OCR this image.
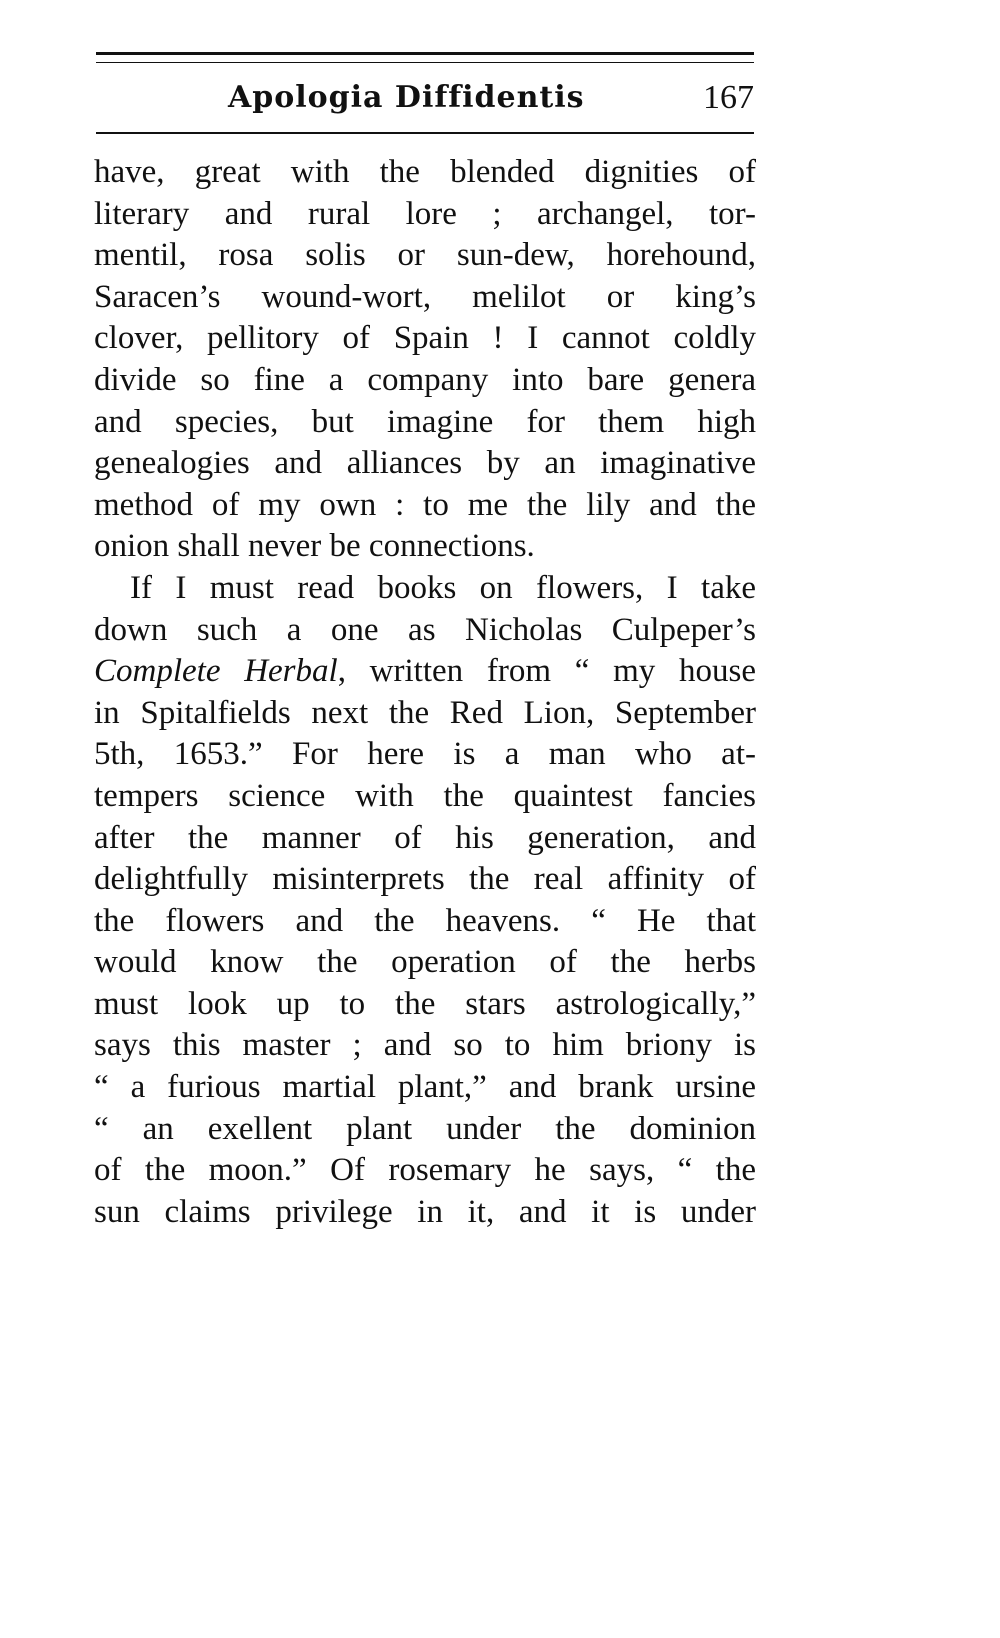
Apologia Diffidentis	167
have, great with the blended dignities of
literary and rural lore ; archangel, tor-
mentil, rosa solis or sun-dew, horehound,
Saracen’s wound-wort, melilot or king’s
clover, pellitory of Spain ! I cannot coldly
divide so fine a company into bare genera
and species, but imagine for them high
genealogies and alliances by an imaginative
method of my own : to me the lily and the
onion shall never be connections.
If I must read books on flowers, I take
down such a one as Nicholas Culpeper’s
Complete Herbal, written from “ my house
in Spitalfields next the Red Lion, September
5th, 1653.” For here is a man who at-
tempers science with the quaintest fancies
after the manner of his generation, and
delightfully misinterprets the real affinity of
the flowers and the heavens. “ He that
would know the operation of the herbs
must look up to the stars astrologically,”
says this master ; and so to him briony is
“ a furious martial plant,” and brank ursine
“ an exellent plant under the dominion
of the moon.” Of rosemary he says, “ the
sun claims privilege in it, and it is under
